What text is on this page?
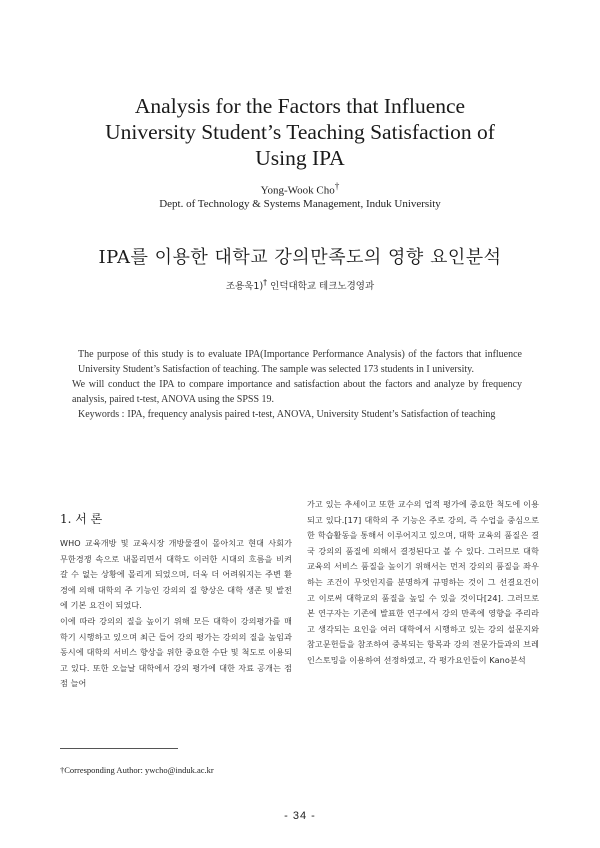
Analysis for the Factors that Influence
University Student’s Teaching Satisfaction of
Using IPA
Yong-Wook Cho†
Dept. of Technology & Systems Management, Induk University
IPA를 이용한 대학교 강의만족도의 영향 요인분석
조용욱1)† 인덕대학교 테크노경영과

The purpose of this study is to evaluate IPA(Importance Performance Analysis) of the factors that influence University Student’s Satisfaction of teaching. The sample was selected 173 students in I university.

We will conduct the IPA to compare importance and satisfaction about the factors and analyze by frequency analysis, paired t-test, ANOVA using the SPSS 19.

Keywords : IPA, frequency analysis paired t-test, ANOVA, University Student’s Satisfaction of teaching
1. 서 론

WHO 교육개방 및 교육시장 개방물결이 몰아치고 현대 사회가 무한경쟁 속으로 내몰리면서 대학도 이러한 시대의 흐름을 비켜갈 수 없는 상황에 몰리게 되었으며, 더욱 더 어려워지는 주변 환경에 의해 대학의 주 기능인 강의의 질 향상은 대학 생존 및 발전에 기본 요건이 되었다.

이에 따라 강의의 질을 높이기 위해 모든 대학이 강의평가를 매 학기 시행하고 있으며 최근 들어 강의 평가는 강의의 질을 높임과 동시에 대학의 서비스 향상을 위한 중요한 수단 및 척도로 이용되고 있다. 또한 오늘날 대학에서 강의 평가에 대한 자료 공개는 점점 늘어

가고 있는 추세이고 또한 교수의 업적 평가에 중요한 척도에 이용되고 있다.[17] 대학의 주 기능은 주로 강의, 즉 수업을 중심으로 한 학습활동을 통해서 이루어지고 있으며, 대학 교육의 품질은 결국 강의의 품질에 의해서 결정된다고 볼 수 있다. 그러므로 대학 교육의 서비스 품질을 높이기 위해서는 먼저 강의의 품질을 좌우하는 조건이 무엇인지를 분명하게 규명하는 것이 그 선결요건이고 이로써 대학교의 품질을 높일 수 있을 것이다[24]. 그러므로 본 연구자는 기존에 발표한 연구에서 강의 만족에 영향을 주리라고 생각되는 요인을 여러 대학에서 시행하고 있는 강의 설문지와 참고문헌들을 참조하여 중복되는 항목과 강의 전문가들과의 브레인스토밍을 이용하여 선정하였고, 각 평가요인들이 Kano분석

†Corresponding Author: ywcho@induk.ac.kr
- 34 -
